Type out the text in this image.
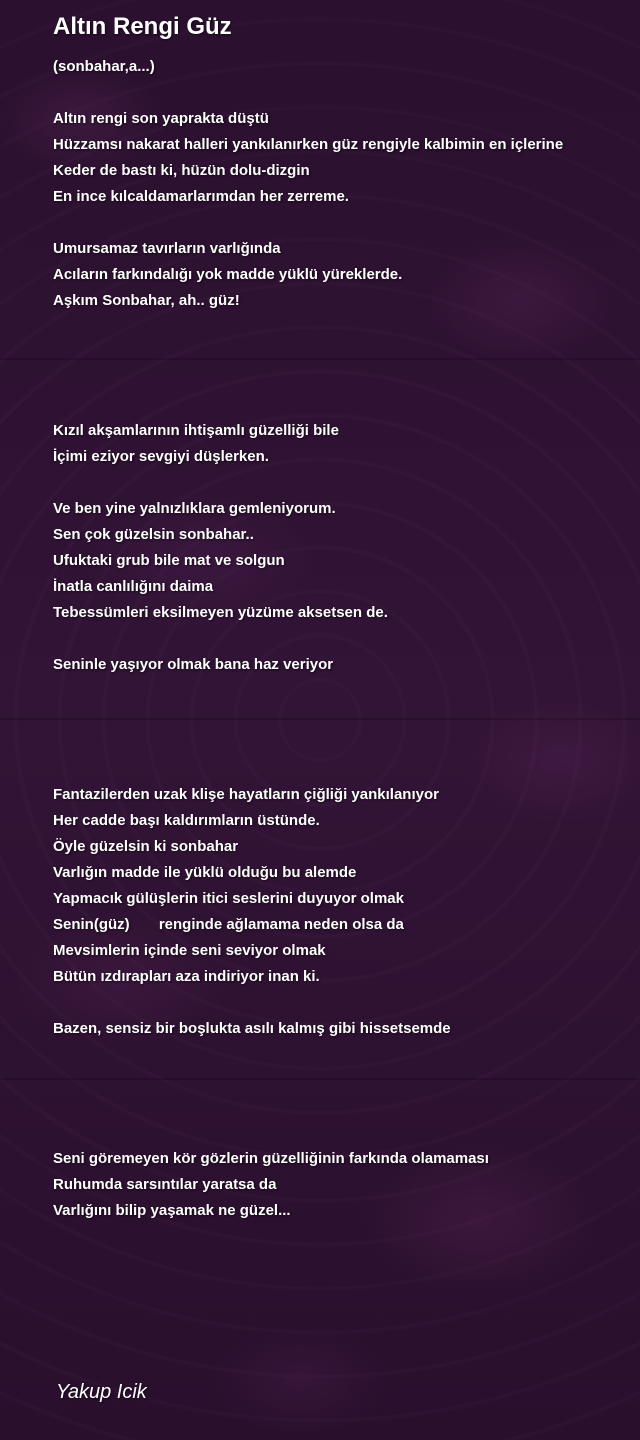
Altın Rengi Güz
(sonbahar,a...)
Altın rengi son yaprakta düştü
Hüzzamsı nakarat halleri yankılanırken güz rengiyle kalbimin en içlerine
Keder de bastı ki, hüzün dolu-dizgin
En ince kılcaldamarlarımdan her zerreme.
Umursamaz tavırların varlığında
Acıların farkındalığı yok madde yüklü yüreklerde.
Aşkım Sonbahar, ah.. güz!
Kızıl akşamlarının ihtişamlı güzelliği bile
İçimi eziyor sevgiyi düşlerken.
Ve ben yine yalnızlıklara gemleniyorum.
Sen çok güzelsin sonbahar..
Ufuktaki grub bile mat ve solgun
İnatla canlılığını daima
Tebessümleri eksilmeyen yüzüme aksetsen de.
Seninle yaşıyor olmak bana haz veriyor
Fantazilerden uzak klişe hayatların çiğliği yankılanıyor
Her cadde başı kaldırımların üstünde.
Öyle güzelsin ki sonbahar
Varlığın madde ile yüklü olduğu bu alemde
Yapmacık gülüşlerin itici seslerini duyuyor olmak
Senin(güz)       renginde ağlamama neden olsa da
Mevsimlerin içinde seni seviyor olmak
Bütün ızdırapları aza indiriyor inan ki.
Bazen, sensiz bir boşlukta asılı kalmış gibi hissetsemde
Seni göremeyen kör gözlerin güzelliğinin farkında olamaması
Ruhumda sarsıntılar yaratsa da
Varlığını bilip yaşamak ne güzel...
Yakup Icik
